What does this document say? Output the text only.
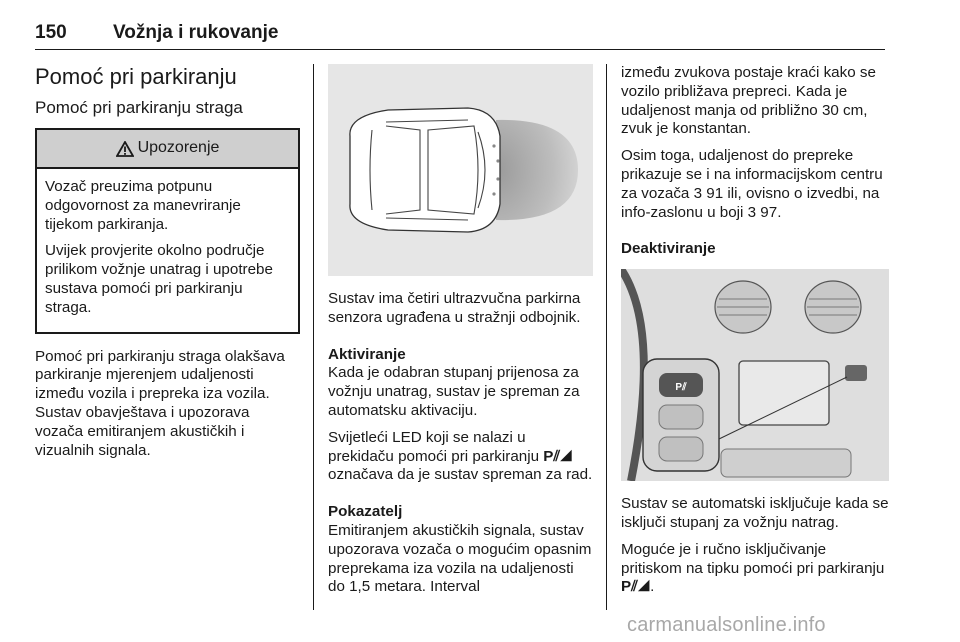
150 Vožnja i rukovanje
Pomoć pri parkiranju
Pomoć pri parkiranju straga
Upozorenje

Vozač preuzima potpunu odgovornost za manevriranje tijekom parkiranja.

Uvijek provjerite okolno područje prilikom vožnje unatrag i upotrebe sustava pomoći pri parkiranju straga.

Pomoć pri parkiranju straga olakšava parkiranje mjerenjem udaljenosti između vozila i prepreka iza vozila. Sustav obavještava i upozorava vozača emitiranjem akustičkih i vizualnih signala.

Sustav ima četiri ultrazvučna parkirna senzora ugrađena u stražnji odbojnik.

Aktiviranje

Kada je odabran stupanj prijenosa za vožnju unatrag, sustav je spreman za automatsku aktivaciju.

Svijetleći LED koji se nalazi u prekidaču pomoći pri parkiranju P⫽◢ označava da je sustav spreman za rad.

Pokazatelj

Emitiranjem akustičkih signala, sustav upozorava vozača o mogućim opasnim preprekama iza vozila na udaljenosti do 1,5 metara. Interval

između zvukova postaje kraći kako se vozilo približava prepreci. Kada je udaljenost manja od približno 30 cm, zvuk je konstantan.

Osim toga, udaljenost do prepreke prikazuje se i na informacijskom centru za vozača 3 91 ili, ovisno o izvedbi, na info-zaslonu u boji 3 97.

Deaktiviranje
P⫽

Sustav se automatski isključuje kada se isključi stupanj za vožnju natrag.

Moguće je i ručno isključivanje pritiskom na tipku pomoći pri parkiranju P⫽◢.

carmanualsonline.info
